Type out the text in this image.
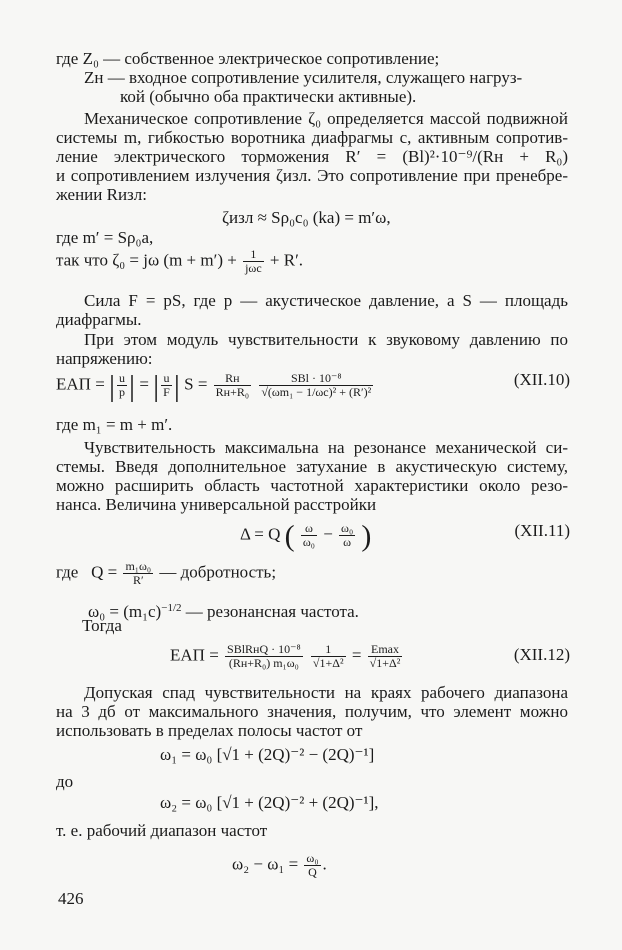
где Z₀ — собственное электрическое сопротивление;
Zн — входное сопротивление усилителя, служащего нагруз-
кой (обычно оба практически активные).
Механическое сопротивление ζ₀ определяется массой подвижной
системы m, гибкостью воротника диафрагмы c, активным сопротив-
ление электрического торможения R′ = (Bl)²·10⁻⁹/(Rн + R₀)
и сопротивлением излучения ζизл. Это сопротивление при пренебре-
жении Rизл:
ζизл ≈ Sρ₀c₀ (ka) = m′ω,
где m′ = Sρ₀a,
так что ζ₀ = jω $(m + m') + \frac{1}{\text{jωc}} + R'$.
Сила F = pS, где p — акустическое давление, а S — площадь
диафрагмы.
При этом модуль чувствительности к звуковому давлению по
напряжению:
EАП = | $\frac{u}{p}$ | = | $\frac{u}{F}$ | $S = \frac{Rн}{\text{Rн+R₀}}$
$\frac{\text{SBl · 10⁻⁸}}{\text{√(ωm₁ − 1/ωc)² + (R′)²}}$	(XII.10)
где m₁ = m + m′.
Чувствительность максимальна на резонансе механической си-
стемы. Введя дополнительное затухание в акустическую систему,
можно расширить область частотной характеристики около резо-
нанса. Величина универсальной расстройки
Δ = Q ( $\frac{\omega}{\text{ω₀}} - \frac{\text{ω₀}}{\omega}$ )	(XII.11)
где $Q = \frac{\text{m₁ω₀}}{R'}$ — добротность;
$\omega_0 = (m_1c)^{-1/2}$ — резонансная частота.
Тогда
EАП = $\frac{\text{SBlRнQ · 10⁻⁸}}{\text{(Rн+R₀) m₁ω₀}}$
$\frac{1}{\text{√1+Δ²}} = \frac{Emax}{\text{√1+Δ²}}$	(XII.12)
Допуская спад чувствительности на краях рабочего диапазона
на 3 дб от максимального значения, получим, что элемент можно
использовать в пределах полосы частот от
ω₁ = ω₀ [√1 + (2Q)⁻² − (2Q)⁻¹]
до
ω₂ = ω₀ [√1 + (2Q)⁻² + (2Q)⁻¹],
т. е. рабочий диапазон частот
$\omega_2 - \omega_1 = \frac{\text{ω₀}}{Q}$ .
426
